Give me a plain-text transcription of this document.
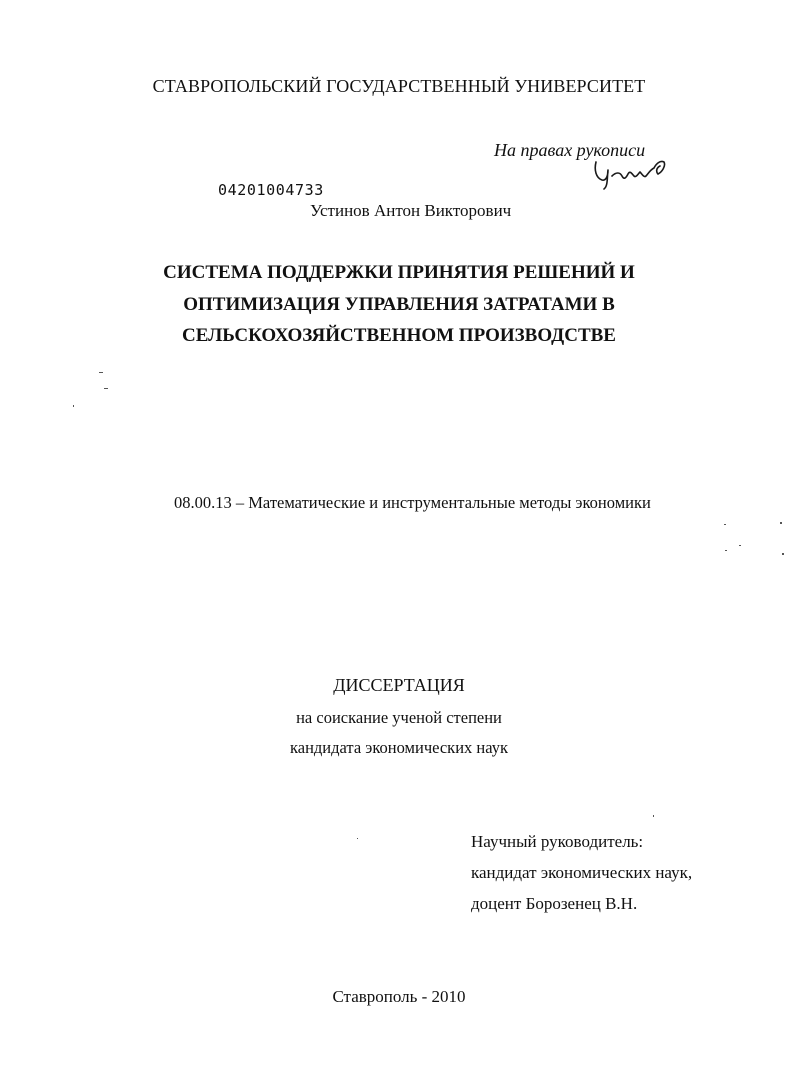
СТАВРОПОЛЬСКИЙ ГОСУДАРСТВЕННЫЙ УНИВЕРСИТЕТ
На правах рукописи
04201004733
Устинов Антон Викторович
СИСТЕМА ПОДДЕРЖКИ ПРИНЯТИЯ РЕШЕНИЙ И
ОПТИМИЗАЦИЯ УПРАВЛЕНИЯ ЗАТРАТАМИ В
СЕЛЬСКОХОЗЯЙСТВЕННОМ ПРОИЗВОДСТВЕ
08.00.13 – Математические и инструментальные методы экономики
ДИССЕРТАЦИЯ
на соискание ученой степени
кандидата экономических наук
Научный руководитель:
кандидат экономических наук,
доцент Борозенец В.Н.
Ставрополь - 2010
